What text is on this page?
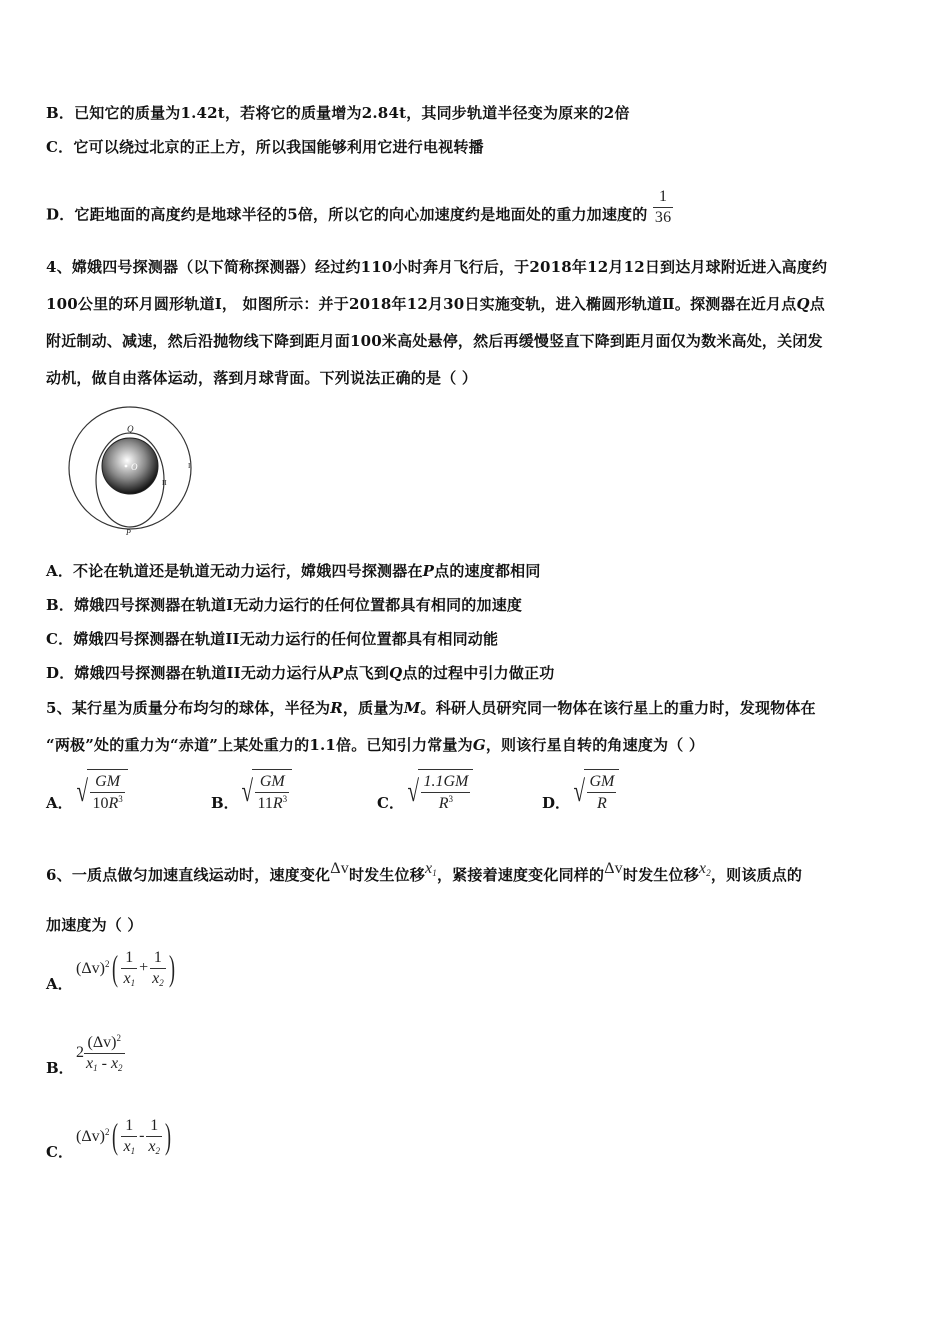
B．已知它的质量为1.42t，若将它的质量增为2.84t，其同步轨道半径变为原来的2倍
C．它可以绕过北京的正上方，所以我国能够利用它进行电视转播
D．它距地面的高度约是地球半径的5倍，所以它的向心加速度约是地面处的重力加速度的 $\frac{1}{36}$
4、嫦娥四号探测器（以下简称探测器）经过约110小时奔月飞行后，于2018年12月12日到达月球附近进入高度约
100公里的环月圆形轨道Ⅰ， 如图所示：并于2018年12月30日实施变轨，进入椭圆形轨道Ⅱ。探测器在近月点Q点
附近制动、减速，然后沿抛物线下降到距月面100米高处悬停，然后再缓慢竖直下降到距月面仅为数米高处，关闭发
动机，做自由落体运动，落到月球背面。下列说法正确的是（ ）
O
Q
P
I
II
A．不论在轨道还是轨道无动力运行，嫦娥四号探测器在P点的速度都相同
B．嫦娥四号探测器在轨道I无动力运行的任何位置都具有相同的加速度
C．嫦娥四号探测器在轨道II无动力运行的任何位置都具有相同动能
D．嫦娥四号探测器在轨道II无动力运行从P点飞到Q点的过程中引力做正功
5、某行星为质量分布均匀的球体，半径为R，质量为M。科研人员研究同一物体在该行星上的重力时，发现物体在
“两极”处的重力为“赤道”上某处重力的1.1倍。已知引力常量为G，则该行星自转的角速度为（ ）
A． √ $\frac{GM}{10R^3}$	B． √ $\frac{GM}{11R^3}$	C． √ $\frac{1.1GM}{R^3}$	D． √ $\frac{GM}{R}$
6、一质点做匀加速直线运动时，速度变化Δv时发生位移$x_1$，紧接着速度变化同样的Δv时发生位移$x_2$，则该质点的
加速度为（ ）
A．
$(\Delta v)^2$ ( $\frac{1}{x_1} + \frac{1}{x_2}$ )
B．
$2 \frac{(\Delta v)^2}{x_1 - x_2}$
C．
$(\Delta v)^2$ ( $\frac{1}{x_1} - \frac{1}{x_2}$ )
